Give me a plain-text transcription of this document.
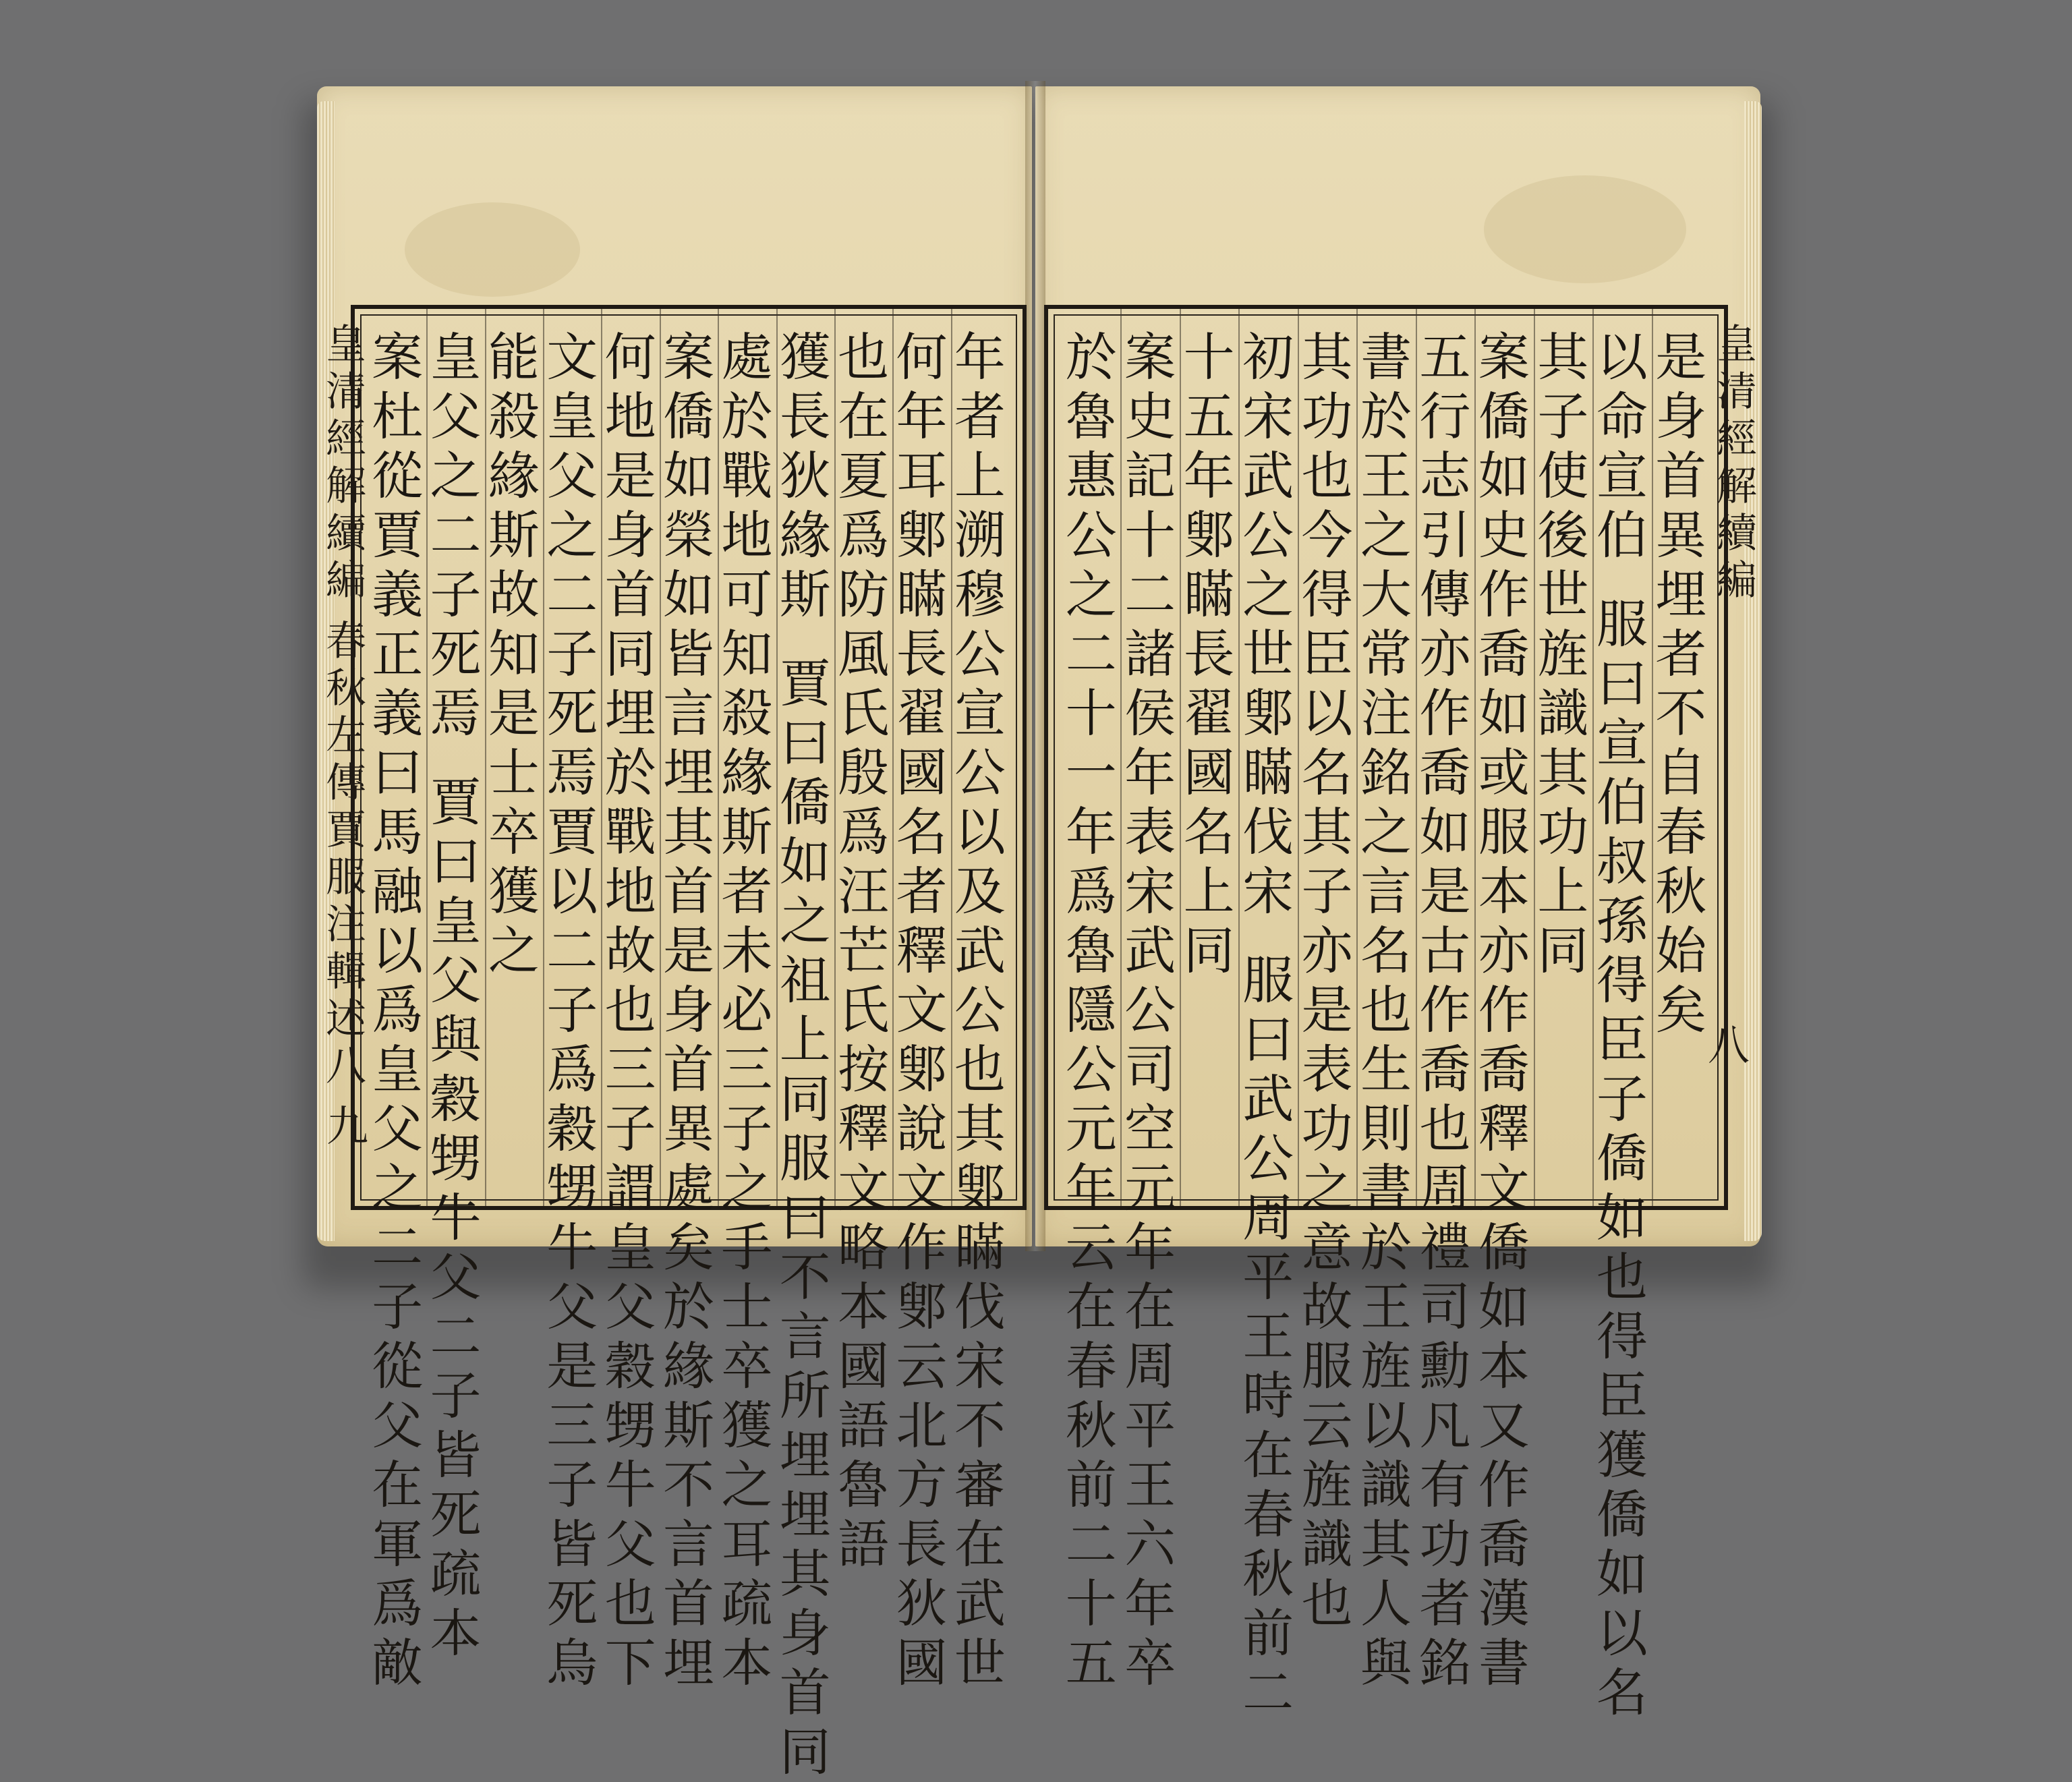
皇
清
經
解
續
編
春
秋
左
傳
賈
服
注
輯
述
八
年
者
上
溯
穆
公
宣
公
以
及
武
公
也
其
鄋
瞞
伐
宋
不
審
在
武
世
何
年
耳
鄋
瞞
長
翟
國
名
者
釋
文
鄋
說
文
作
鄋
云
北
方
長
狄
國
也
在
夏
爲
防
風
氏
殷
爲
汪
芒
氏
按
釋
文
略
本
國
語
魯
語
獲
長
狄
緣
斯

賈
曰
僑
如
之
祖
上
同
服
曰
不
言
所
埋
埋
其
身
首
同
處
於
戰
地
可
知
殺
緣
斯
者
未
必
三
子
之
手
士
卒
獲
之
耳
疏
本
案
僑
如
榮
如
皆
言
埋
其
首
是
身
首
異
處
矣
於
緣
斯
不
言
首
埋
何
地
是
身
首
同
埋
於
戰
地
故
也
三
子
謂
皇
父
穀
甥
牛
父
也
下
文
皇
父
之
二
子
死
焉
賈
以
二
子
爲
穀
甥
牛
父
是
三
子
皆
死
烏
能
殺
緣
斯
故
知
是
士
卒
獲
之
皇
父
之
二
子
死
焉

賈
曰
皇
父
與
穀
甥
牛
父
二
子
皆
死
疏
本
案
杜
從
賈
義
正
義
曰
馬
融
以
爲
皇
父
之
二
子
從
父
在
軍
爲
敵
九
是
身
首
異
埋
者
不
自
春
秋
始
矣
以
命
宣
伯

服
曰
宣
伯
叔
孫
得
臣
子
僑
如
也
得
臣
獲
僑
如
以
名
其
子
使
後
世
旌
識
其
功
上
同
案
僑
如
史
作
喬
如
或
服
本
亦
作
喬
釋
文
僑
如
本
又
作
喬
漢
書
五
行
志
引
傳
亦
作
喬
如
是
古
作
喬
也
周
禮
司
勳
凡
有
功
者
銘
書
於
王
之
大
常
注
銘
之
言
名
也
生
則
書
於
王
旌
以
識
其
人
與
其
功
也
今
得
臣
以
名
其
子
亦
是
表
功
之
意
故
服
云
旌
識
也
初
宋
武
公
之
世
鄋
瞞
伐
宋

服
曰
武
公
周
平
王
時
在
春
秋
前
二
十
五
年
鄋
瞞
長
翟
國
名
上
同
案
史
記
十
二
諸
侯
年
表
宋
武
公
司
空
元
年
在
周
平
王
六
年
卒
於
魯
惠
公
之
二
十
一
年
爲
魯
隱
公
元
年
云
在
春
秋
前
二
十
五
皇
清
經
解
續
編
八
